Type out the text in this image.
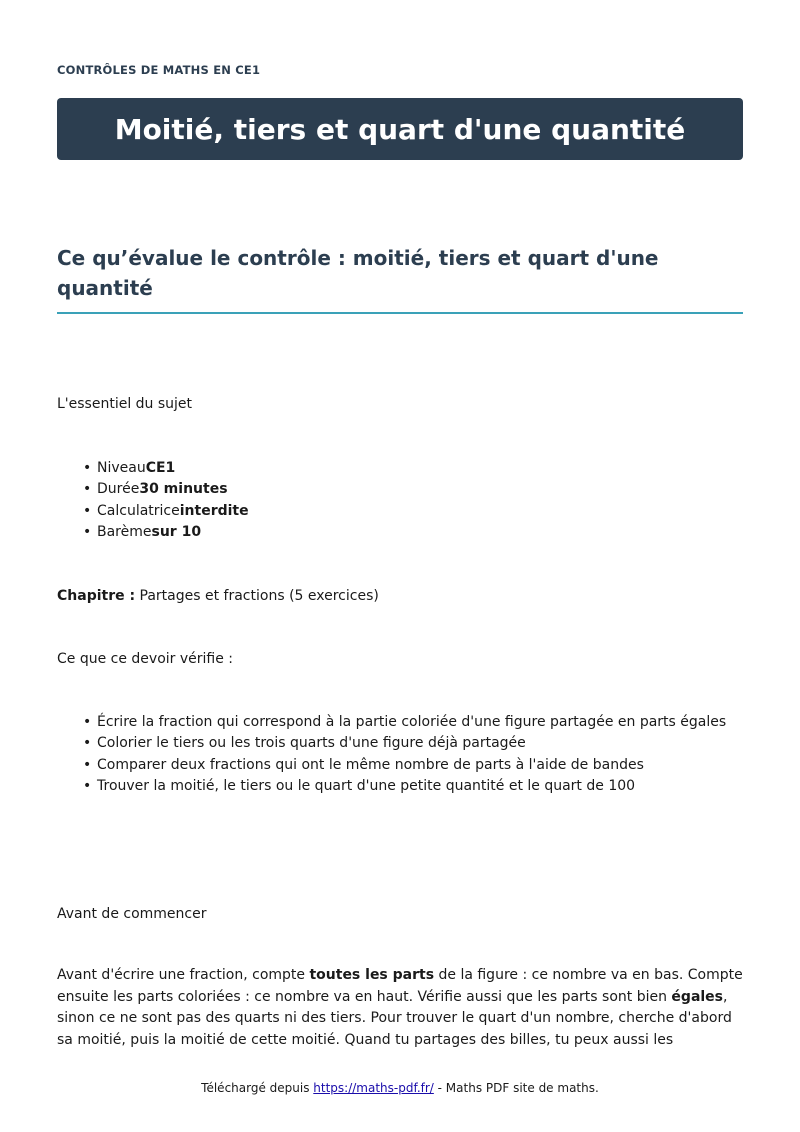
CONTRÔLES DE MATHS EN CE1
Moitié, tiers et quart d'une quantité
Ce qu’évalue le contrôle : moitié, tiers et quart d'une quantité
L'essentiel du sujet
• NiveauCE1
• Durée30 minutes
• Calculatriceinterdite
• Barèmesur 10
Chapitre : Partages et fractions (5 exercices)
Ce que ce devoir vérifie :
• Écrire la fraction qui correspond à la partie coloriée d'une figure partagée en parts égales
• Colorier le tiers ou les trois quarts d'une figure déjà partagée
• Comparer deux fractions qui ont le même nombre de parts à l'aide de bandes
• Trouver la moitié, le tiers ou le quart d'une petite quantité et le quart de 100
Avant de commencer
Avant d'écrire une fraction, compte toutes les parts de la figure : ce nombre va en bas. Compte ensuite les parts coloriées : ce nombre va en haut. Vérifie aussi que les parts sont bien égales, sinon ce ne sont pas des quarts ni des tiers. Pour trouver le quart d'un nombre, cherche d'abord sa moitié, puis la moitié de cette moitié. Quand tu partages des billes, tu peux aussi les
Téléchargé depuis https://maths-pdf.fr/ - Maths PDF site de maths.
